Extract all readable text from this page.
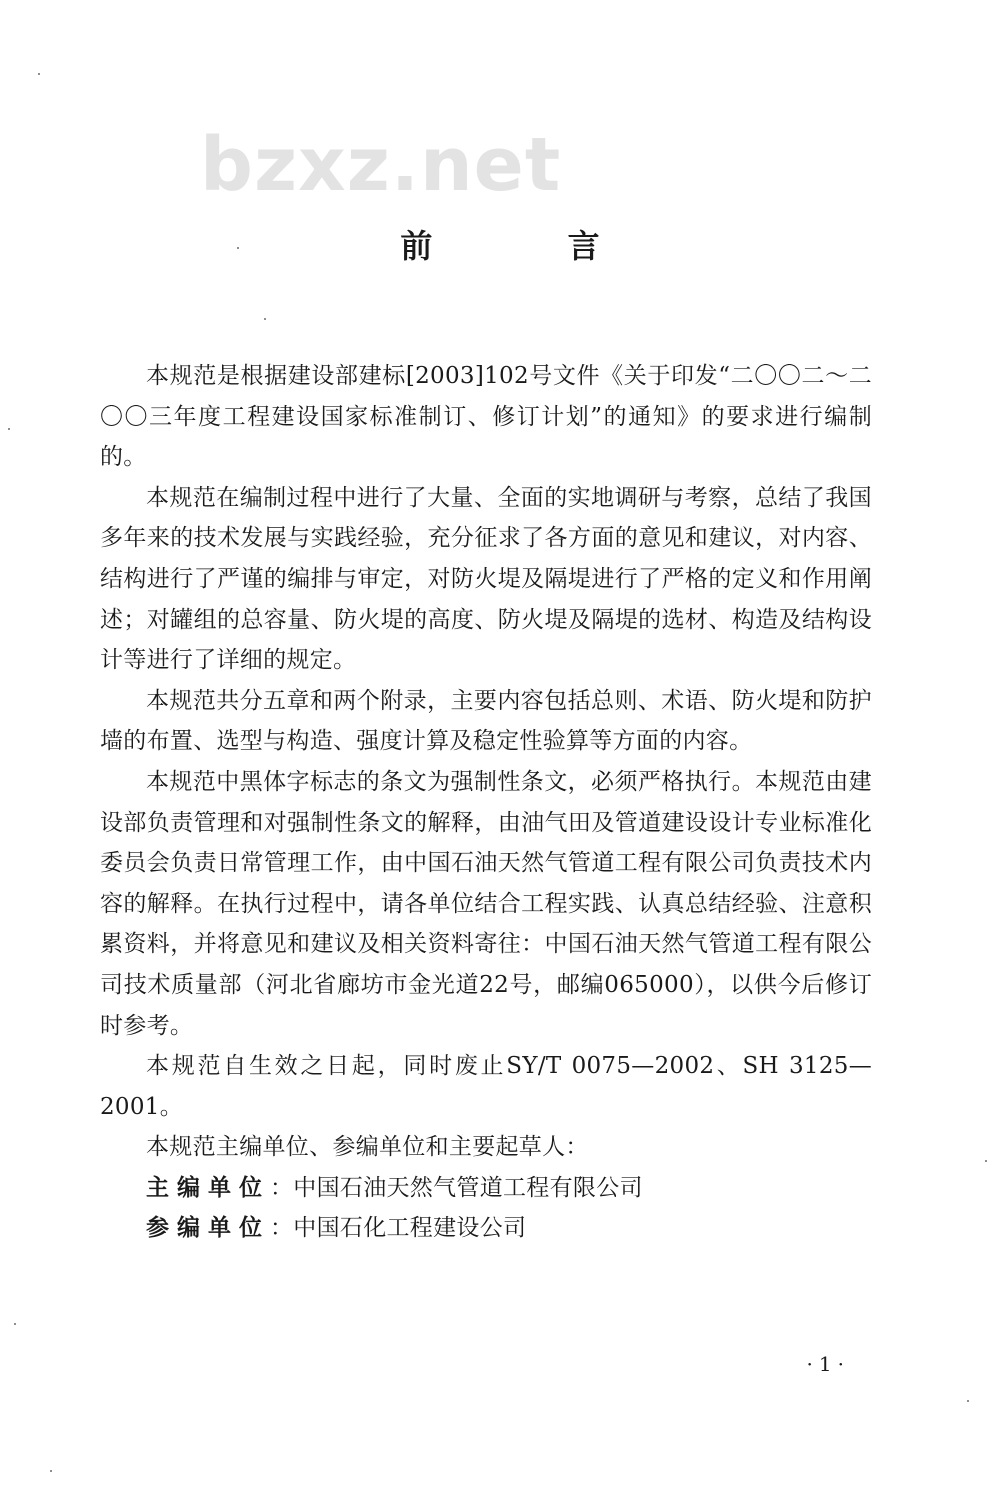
bzxz.net
前 言

本规范是根据建设部建标[2003]102号文件《关于印发“二〇〇二～二〇〇三年度工程建设国家标准制订、修订计划”的通知》的要求进行编制的。

本规范在编制过程中进行了大量、全面的实地调研与考察，总结了我国多年来的技术发展与实践经验，充分征求了各方面的意见和建议，对内容、结构进行了严谨的编排与审定，对防火堤及隔堤进行了严格的定义和作用阐述；对罐组的总容量、防火堤的高度、防火堤及隔堤的选材、构造及结构设计等进行了详细的规定。

本规范共分五章和两个附录，主要内容包括总则、术语、防火堤和防护墙的布置、选型与构造、强度计算及稳定性验算等方面的内容。

本规范中黑体字标志的条文为强制性条文，必须严格执行。本规范由建设部负责管理和对强制性条文的解释，由油气田及管道建设设计专业标准化委员会负责日常管理工作，由中国石油天然气管道工程有限公司负责技术内容的解释。在执行过程中，请各单位结合工程实践、认真总结经验、注意积累资料，并将意见和建议及相关资料寄往：中国石油天然气管道工程有限公司技术质量部（河北省廊坊市金光道22号，邮编065000），以供今后修订时参考。

本规范自生效之日起，同时废止SY/T 0075—2002、SH 3125—2001。

本规范主编单位、参编单位和主要起草人：

主编单位：中国石油天然气管道工程有限公司
参编单位：中国石化工程建设公司
·1·
